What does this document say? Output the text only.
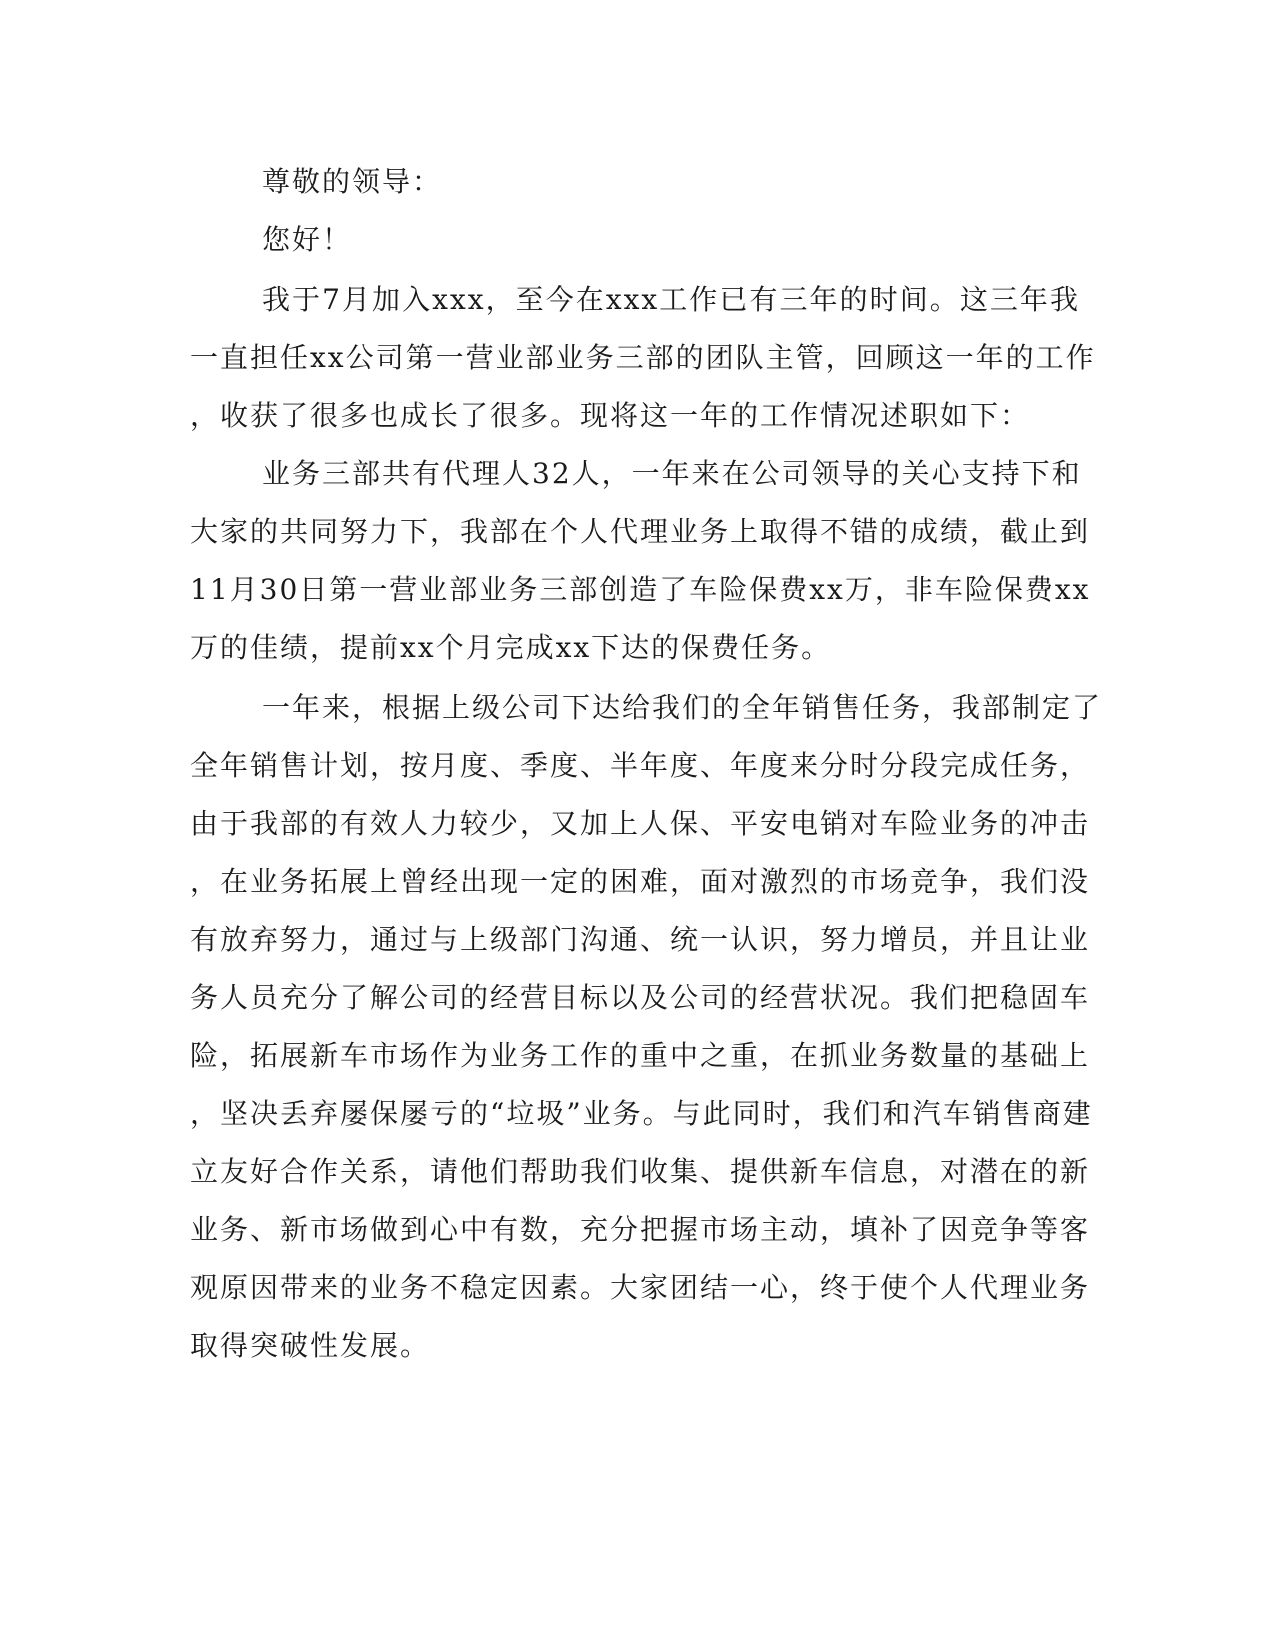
尊敬的领导：
您好！
我于7月加入xxx，至今在xxx工作已有三年的时间。这三年我
一直担任xx公司第一营业部业务三部的团队主管，回顾这一年的工作
，收获了很多也成长了很多。现将这一年的工作情况述职如下：
业务三部共有代理人32人，一年来在公司领导的关心支持下和
大家的共同努力下，我部在个人代理业务上取得不错的成绩，截止到
11月30日第一营业部业务三部创造了车险保费xx万，非车险保费xx
万的佳绩，提前xx个月完成xx下达的保费任务。
一年来，根据上级公司下达给我们的全年销售任务，我部制定了
全年销售计划，按月度、季度、半年度、年度来分时分段完成任务，
由于我部的有效人力较少，又加上人保、平安电销对车险业务的冲击
，在业务拓展上曾经出现一定的困难，面对激烈的市场竞争，我们没
有放弃努力，通过与上级部门沟通、统一认识，努力增员，并且让业
务人员充分了解公司的经营目标以及公司的经营状况。我们把稳固车
险，拓展新车市场作为业务工作的重中之重，在抓业务数量的基础上
，坚决丢弃屡保屡亏的“垃圾”业务。与此同时，我们和汽车销售商建
立友好合作关系，请他们帮助我们收集、提供新车信息，对潜在的新
业务、新市场做到心中有数，充分把握市场主动，填补了因竞争等客
观原因带来的业务不稳定因素。大家团结一心，终于使个人代理业务
取得突破性发展。
